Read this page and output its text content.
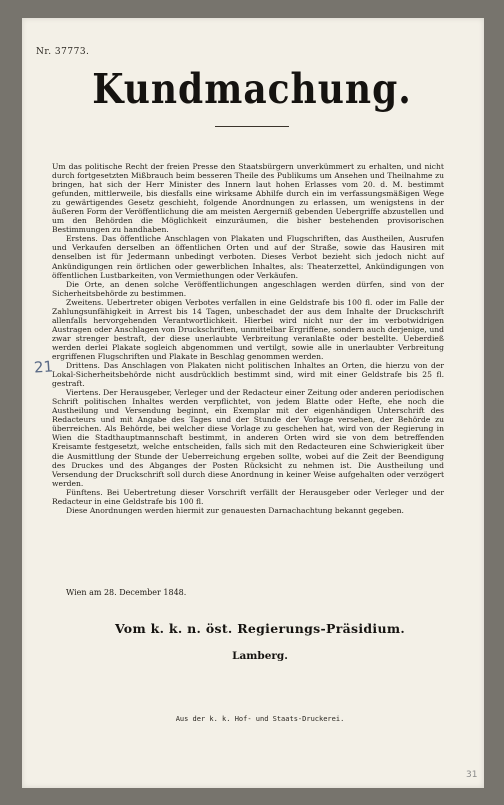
Nr. 37773.
Kundmachung.

Um das politische Recht der freien Presse den Staatsbürgern unverkümmert zu erhalten, und nicht durch fortgesetzten Mißbrauch beim besseren Theile des Publikums um Ansehen und Theilnahme zu bringen, hat sich der Herr Minister des Innern laut hohen Erlasses vom 20. d. M. bestimmt gefunden, mittlerweile, bis diesfalls eine wirksame Abhilfe durch ein im verfassungsmäßigen Wege zu gewärtigendes Gesetz geschieht, folgende Anordnungen zu erlassen, um wenigstens in der äußeren Form der Veröffentlichung die am meisten Aergerniß gebenden Uebergriffe abzustellen und um den Behörden die Möglichkeit einzuräumen, die bisher bestehenden provisorischen Bestimmungen zu handhaben.

Erstens. Das öffentliche Anschlagen von Plakaten und Flugschriften, das Austheilen, Ausrufen und Verkaufen derselben an öffentlichen Orten und auf der Straße, sowie das Hausiren mit denselben ist für Jedermann unbedingt verboten. Dieses Verbot bezieht sich jedoch nicht auf Ankündigungen rein örtlichen oder gewerblichen Inhaltes, als: Theaterzettel, Ankündigungen von öffentlichen Lustbarkeiten, von Vermiethungen oder Verkäufen.

Die Orte, an denen solche Veröffentlichungen angeschlagen werden dürfen, sind von der Sicherheitsbehörde zu bestimmen.

Zweitens. Uebertreter obigen Verbotes verfallen in eine Geldstrafe bis 100 fl. oder im Falle der Zahlungsunfähigkeit in Arrest bis 14 Tagen, unbeschadet der aus dem Inhalte der Druckschrift allenfalls hervorgehenden Verantwortlichkeit. Hierbei wird nicht nur der im verbotwidrigen Austragen oder Anschlagen von Druckschriften, unmittelbar Ergriffene, sondern auch derjenige, und zwar strenger bestraft, der diese unerlaubte Verbreitung veranlaßte oder bestellte. Ueberdieß werden derlei Plakate sogleich abgenommen und vertilgt, sowie alle in unerlaubter Verbreitung ergriffenen Flugschriften und Plakate in Beschlag genommen werden.

Drittens. Das Anschlagen von Plakaten nicht politischen Inhaltes an Orten, die hierzu von der Lokal-Sicherheitsbehörde nicht ausdrücklich bestimmt sind, wird mit einer Geldstrafe bis 25 fl. gestraft.

Viertens. Der Herausgeber, Verleger und der Redacteur einer Zeitung oder anderen periodischen Schrift politischen Inhaltes werden verpflichtet, von jedem Blatte oder Hefte, ehe noch die Austheilung und Versendung beginnt, ein Exemplar mit der eigenhändigen Unterschrift des Redacteurs und mit Angabe des Tages und der Stunde der Vorlage versehen, der Behörde zu überreichen. Als Behörde, bei welcher diese Vorlage zu geschehen hat, wird von der Regierung in Wien die Stadthauptmannschaft bestimmt, in anderen Orten wird sie von dem betreffenden Kreisamte festgesetzt, welche entscheiden, falls sich mit den Redacteuren eine Schwierigkeit über die Ausmittlung der Stunde der Ueberreichung ergeben sollte, wobei auf die Zeit der Beendigung des Druckes und des Abganges der Posten Rücksicht zu nehmen ist. Die Austheilung und Versendung der Druckschrift soll durch diese Anordnung in keiner Weise aufgehalten oder verzögert werden.

Fünftens. Bei Uebertretung dieser Vorschrift verfällt der Herausgeber oder Verleger und der Redacteur in eine Geldstrafe bis 100 fl.

Diese Anordnungen werden hiermit zur genauesten Darnachachtung bekannt gegeben.

Wien am 28. December 1848.
Vom k. k. n. öst. Regierungs-Präsidium.
Lamberg.
Aus der k. k. Hof- und Staats-Druckerei.
21
31
